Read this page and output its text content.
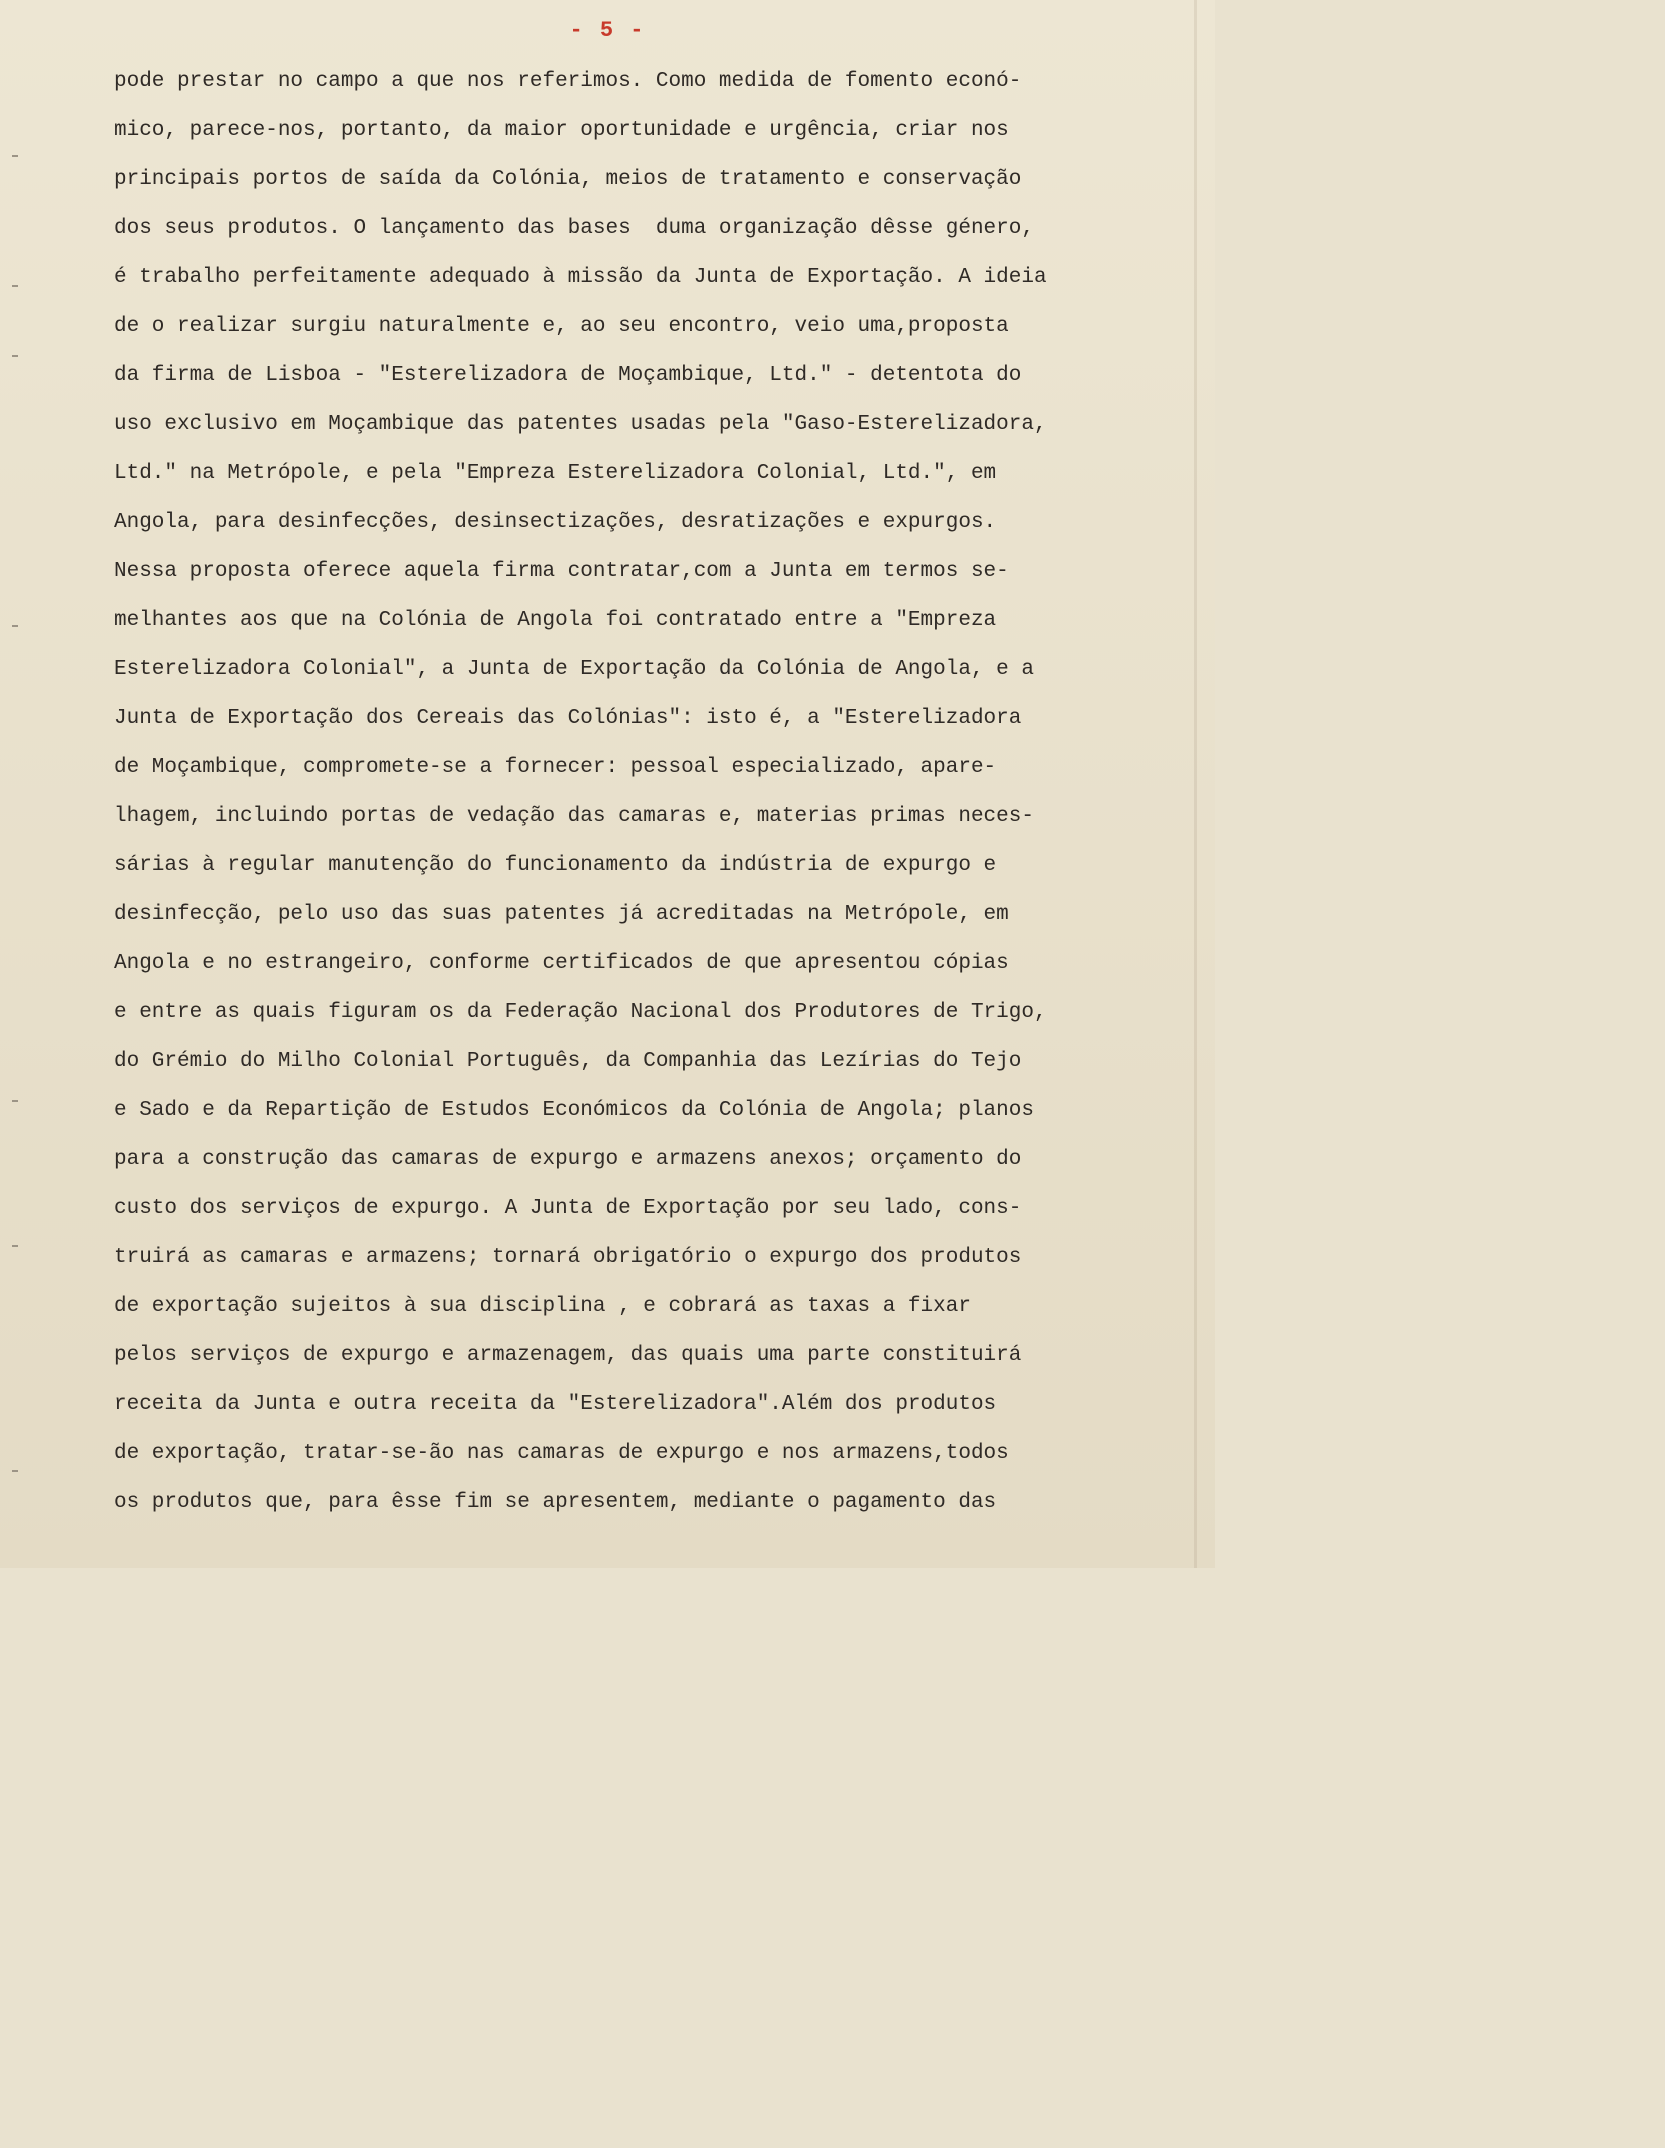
- 5 -
pode prestar no campo a que nos referimos. Como medida de fomento econó-
mico, parece-nos, portanto, da maior oportunidade e urgência, criar nos
principais portos de saída da Colónia, meios de tratamento e conservação
dos seus produtos. O lançamento das bases  duma organização dêsse género,
é trabalho perfeitamente adequado à missão da Junta de Exportação. A ideia
de o realizar surgiu naturalmente e, ao seu encontro, veio uma,proposta
da firma de Lisboa - "Esterelizadora de Moçambique, Ltd." - detentota do
uso exclusivo em Moçambique das patentes usadas pela "Gaso-Esterelizadora,
Ltd." na Metrópole, e pela "Empreza Esterelizadora Colonial, Ltd.", em
Angola, para desinfecções, desinsectizações, desratizações e expurgos.
Nessa proposta oferece aquela firma contratar,com a Junta em termos se-
melhantes aos que na Colónia de Angola foi contratado entre a "Empreza
Esterelizadora Colonial", a Junta de Exportação da Colónia de Angola, e a
Junta de Exportação dos Cereais das Colónias": isto é, a "Esterelizadora
de Moçambique, compromete-se a fornecer: pessoal especializado, apare-
lhagem, incluindo portas de vedação das camaras e, materias primas neces-
sárias à regular manutenção do funcionamento da indústria de expurgo e
desinfecção, pelo uso das suas patentes já acreditadas na Metrópole, em
Angola e no estrangeiro, conforme certificados de que apresentou cópias
e entre as quais figuram os da Federação Nacional dos Produtores de Trigo,
do Grémio do Milho Colonial Português, da Companhia das Lezírias do Tejo
e Sado e da Repartição de Estudos Económicos da Colónia de Angola; planos
para a construção das camaras de expurgo e armazens anexos; orçamento do
custo dos serviços de expurgo. A Junta de Exportação por seu lado, cons-
truirá as camaras e armazens; tornará obrigatório o expurgo dos produtos
de exportação sujeitos à sua disciplina , e cobrará as taxas a fixar
pelos serviços de expurgo e armazenagem, das quais uma parte constituirá
receita da Junta e outra receita da "Esterelizadora".Além dos produtos
de exportação, tratar-se-ão nas camaras de expurgo e nos armazens,todos
os produtos que, para êsse fim se apresentem, mediante o pagamento das
